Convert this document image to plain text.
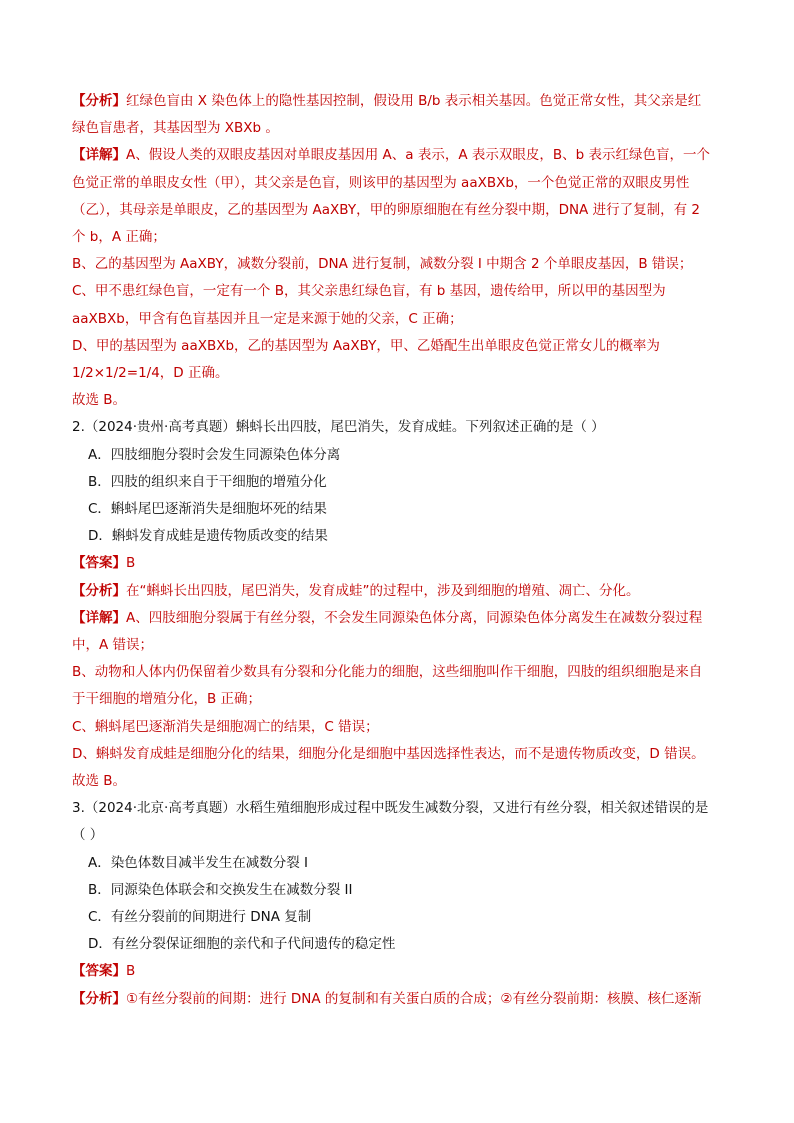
【分析】红绿色盲由 X 染色体上的隐性基因控制，假设用 B/b 表示相关基因。色觉正常女性，其父亲是红
绿色盲患者，其基因型为 XBXb 。
【详解】A、假设人类的双眼皮基因对单眼皮基因用 A、a 表示，A 表示双眼皮，B、b 表示红绿色盲，一个
色觉正常的单眼皮女性（甲），其父亲是色盲，则该甲的基因型为 aaXBXb，一个色觉正常的双眼皮男性
（乙），其母亲是单眼皮，乙的基因型为 AaXBY，甲的卵原细胞在有丝分裂中期，DNA 进行了复制，有 2
个 b，A 正确；
B、乙的基因型为 AaXBY，减数分裂前，DNA 进行复制，减数分裂 I 中期含 2 个单眼皮基因，B 错误；
C、甲不患红绿色盲，一定有一个 B，其父亲患红绿色盲，有 b 基因，遗传给甲，所以甲的基因型为
aaXBXb，甲含有色盲基因并且一定是来源于她的父亲，C 正确；
D、甲的基因型为 aaXBXb，乙的基因型为 AaXBY，甲、乙婚配生出单眼皮色觉正常女儿的概率为
1/2×1/2=1/4，D 正确。
故选 B。
2.（2024·贵州·高考真题）蝌蚪长出四肢，尾巴消失，发育成蛙。下列叙述正确的是（ ）
A．四肢细胞分裂时会发生同源染色体分离
B．四肢的组织来自于干细胞的增殖分化
C．蝌蚪尾巴逐渐消失是细胞坏死的结果
D．蝌蚪发育成蛙是遗传物质改变的结果
【答案】B
【分析】在“蝌蚪长出四肢，尾巴消失，发育成蛙”的过程中，涉及到细胞的增殖、凋亡、分化。
【详解】A、四肢细胞分裂属于有丝分裂，不会发生同源染色体分离，同源染色体分离发生在减数分裂过程
中，A 错误；
B、动物和人体内仍保留着少数具有分裂和分化能力的细胞，这些细胞叫作干细胞，四肢的组织细胞是来自
于干细胞的增殖分化，B 正确；
C、蝌蚪尾巴逐渐消失是细胞凋亡的结果，C 错误；
D、蝌蚪发育成蛙是细胞分化的结果，细胞分化是细胞中基因选择性表达，而不是遗传物质改变，D 错误。
故选 B。
3.（2024·北京·高考真题）水稻生殖细胞形成过程中既发生减数分裂，又进行有丝分裂，相关叙述错误的是
（ ）
A．染色体数目减半发生在减数分裂 I
B．同源染色体联会和交换发生在减数分裂 II
C．有丝分裂前的间期进行 DNA 复制
D．有丝分裂保证细胞的亲代和子代间遗传的稳定性
【答案】B
【分析】①有丝分裂前的间期：进行 DNA 的复制和有关蛋白质的合成；②有丝分裂前期：核膜、核仁逐渐
